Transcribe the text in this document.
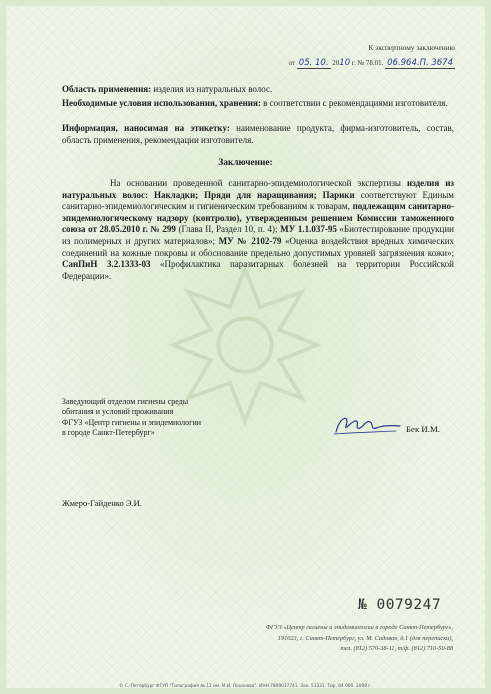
К экспертному заключению
от 05. 10. 2010 г. № 78.01. 06.964.П. 3674
Область применения: изделия из натуральных волос.
Необходимые условия использования, хранения: в соответствии с рекомендациями изготовителя.
Информация, наносимая на этикетку: наименование продукта, фирма-изготовитель, состав, область применения, рекомендации изготовителя.
Заключение:
На основании проведенной санитарно-эпидемиологической экспертизы изделия из натуральных волос: Накладки; Пряди для наращивания; Парики соответствуют Единым санитарно-эпидемиологическим и гигиеническим требованиям к товарам, подлежащим санитарно-эпидемиологическому надзору (контролю), утвержденным решением Комиссии таможенного союза от 28.05.2010 г. № 299 (Глава II, Раздел 10, п. 4); МУ 1.1.037-95 «Биотестирование продукции из полимерных и других материалов»; МУ № 2102-79 «Оценка воздействия вредных химических соединений на кожные покровы и обоснование предельно допустимых уровней загрязнения кожи»; СанПиН 3.2.1333-03 «Профилактика паразитарных болезней на территории Российской Федерации».
Заведующий отделом гигиены среды
обитания и условий проживания
ФГУЗ «Центр гигиены и эпидемиологии
в городе Санкт-Петербург»	Бек И.М.
Жмеро-Гайденко Э.И.
№ 0079247
ФГУЗ «Центр гигиены и эпидемиологии в городе Санкт-Петербург»,
191023, г. Санкт-Петербург, ул. М. Садовая, д.1 (для переписки),
тел. (812) 570-38-11, т/ф. (812) 710-50-88
© С.-Петербург ФГУП "Типография № 12 им. М.И. Лоханова". ИНН 7809037741. Зак. 53331. Тир. 64 000. 2008 г.
